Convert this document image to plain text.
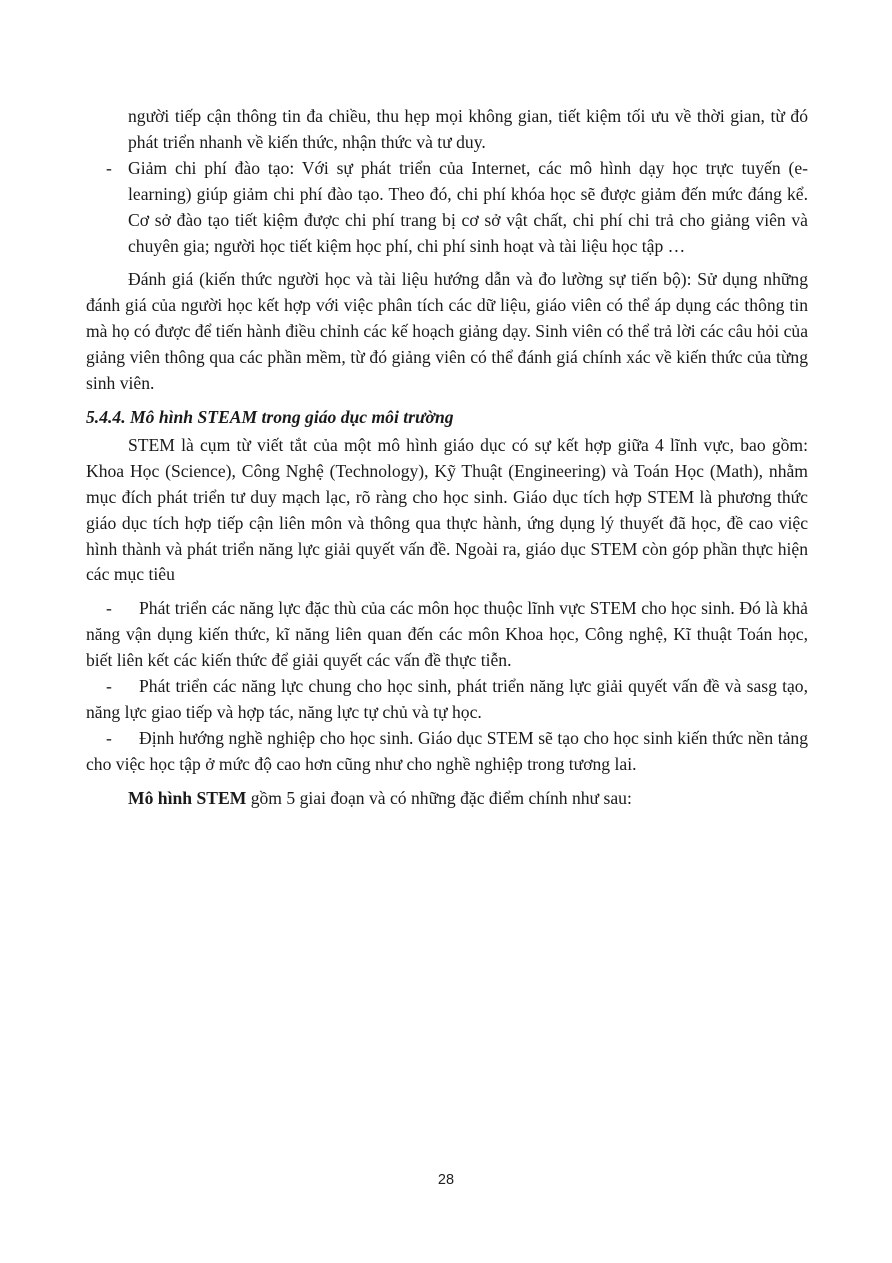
người tiếp cận thông tin đa chiều, thu hẹp mọi không gian, tiết kiệm tối ưu về thời gian, từ đó phát triển nhanh về kiến thức, nhận thức và tư duy.

- Giảm chi phí đào tạo: Với sự phát triển của Internet, các mô hình dạy học trực tuyến (e-learning) giúp giảm chi phí đào tạo. Theo đó, chi phí khóa học sẽ được giảm đến mức đáng kể. Cơ sở đào tạo tiết kiệm được chi phí trang bị cơ sở vật chất, chi phí chi trả cho giảng viên và chuyên gia; người học tiết kiệm học phí, chi phí sinh hoạt và tài liệu học tập …

Đánh giá (kiến thức người học và tài liệu hướng dẫn và đo lường sự tiến bộ): Sử dụng những đánh giá của người học kết hợp với việc phân tích các dữ liệu, giáo viên có thể áp dụng các thông tin mà họ có được để tiến hành điều chỉnh các kế hoạch giảng dạy. Sinh viên có thể trả lời các câu hỏi của giảng viên thông qua các phần mềm, từ đó giảng viên có thể đánh giá chính xác về kiến thức của từng sinh viên.

5.4.4. Mô hình STEAM trong giáo dục môi trường

STEM là cụm từ viết tắt của một mô hình giáo dục có sự kết hợp giữa 4 lĩnh vực, bao gồm: Khoa Học (Science), Công Nghệ (Technology), Kỹ Thuật (Engineering) và Toán Học (Math), nhằm mục đích phát triển tư duy mạch lạc, rõ ràng cho học sinh. Giáo dục tích hợp STEM là phương thức giáo dục tích hợp tiếp cận liên môn và thông qua thực hành, ứng dụng lý thuyết đã học, đề cao việc hình thành và phát triển năng lực giải quyết vấn đề. Ngoài ra, giáo dục STEM còn góp phần thực hiện các mục tiêu

- Phát triển các năng lực đặc thù của các môn học thuộc lĩnh vực STEM cho học sinh. Đó là khả năng vận dụng kiến thức, kĩ năng liên quan đến các môn Khoa học, Công nghệ, Kĩ thuật Toán học, biết liên kết các kiến thức để giải quyết các vấn đề thực tiễn.

- Phát triển các năng lực chung cho học sinh, phát triển năng lực giải quyết vấn đề và sasg tạo, năng lực giao tiếp và hợp tác, năng lực tự chủ và tự học.

- Định hướng nghề nghiệp cho học sinh. Giáo dục STEM sẽ tạo cho học sinh kiến thức nền tảng cho việc học tập ở mức độ cao hơn cũng như cho nghề nghiệp trong tương lai.

Mô hình STEM gồm 5 giai đoạn và có những đặc điểm chính như sau:

28
